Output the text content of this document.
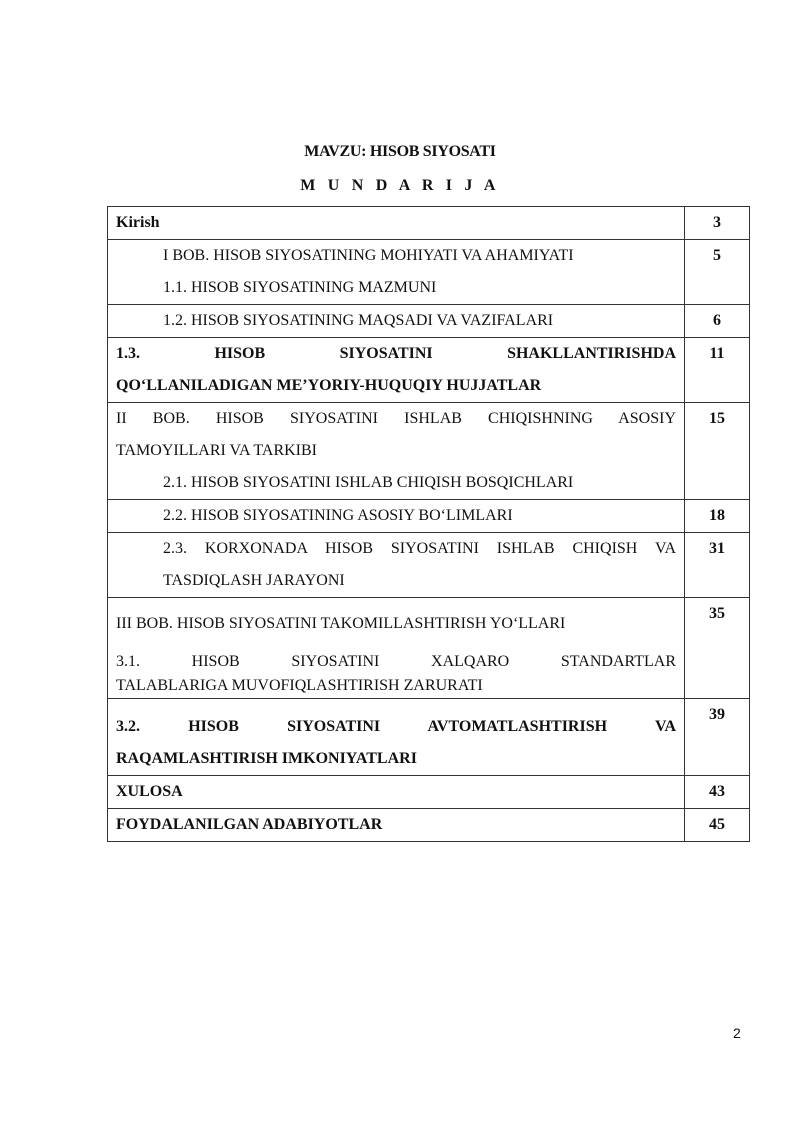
MAVZU: HISOB SIYOSATI
M U N D A R I J A
Kirish	3

I BOB. HISOB SIYOSATINING MOHIYATI VA AHAMIYATI
1.1. HISOB SIYOSATINING MAZMUNI	5

1.2. HISOB SIYOSATINING MAQSADI VA VAZIFALARI	6

1.3. HISOB SIYOSATINI SHAKLLANTIRISHDA
QO‘LLANILADIGAN ME’YORIY-HUQUQIY HUJJATLAR	11

II BOB. HISOB SIYOSATINI ISHLAB CHIQISHNING ASOSIY
TAMOYILLARI VA TARKIBI
2.1. HISOB SIYOSATINI ISHLAB CHIQISH BOSQICHLARI	15

2.2. HISOB SIYOSATINING ASOSIY BO‘LIMLARI	18

2.3. KORXONADA HISOB SIYOSATINI ISHLAB CHIQISH VA
TASDIQLASH JARAYONI	31

III BOB. HISOB SIYOSATINI TAKOMILLASHTIRISH YO‘LLARI
3.1. HISOB SIYOSATINI XALQARO STANDARTLAR
TALABLARIGA MUVOFIQLASHTIRISH ZARURATI	35

3.2. HISOB SIYOSATINI AVTOMATLASHTIRISH VA
RAQAMLASHTIRISH IMKONIYATLARI	39

XULOSA	43

FOYDALANILGAN ADABIYOTLAR	45
2
